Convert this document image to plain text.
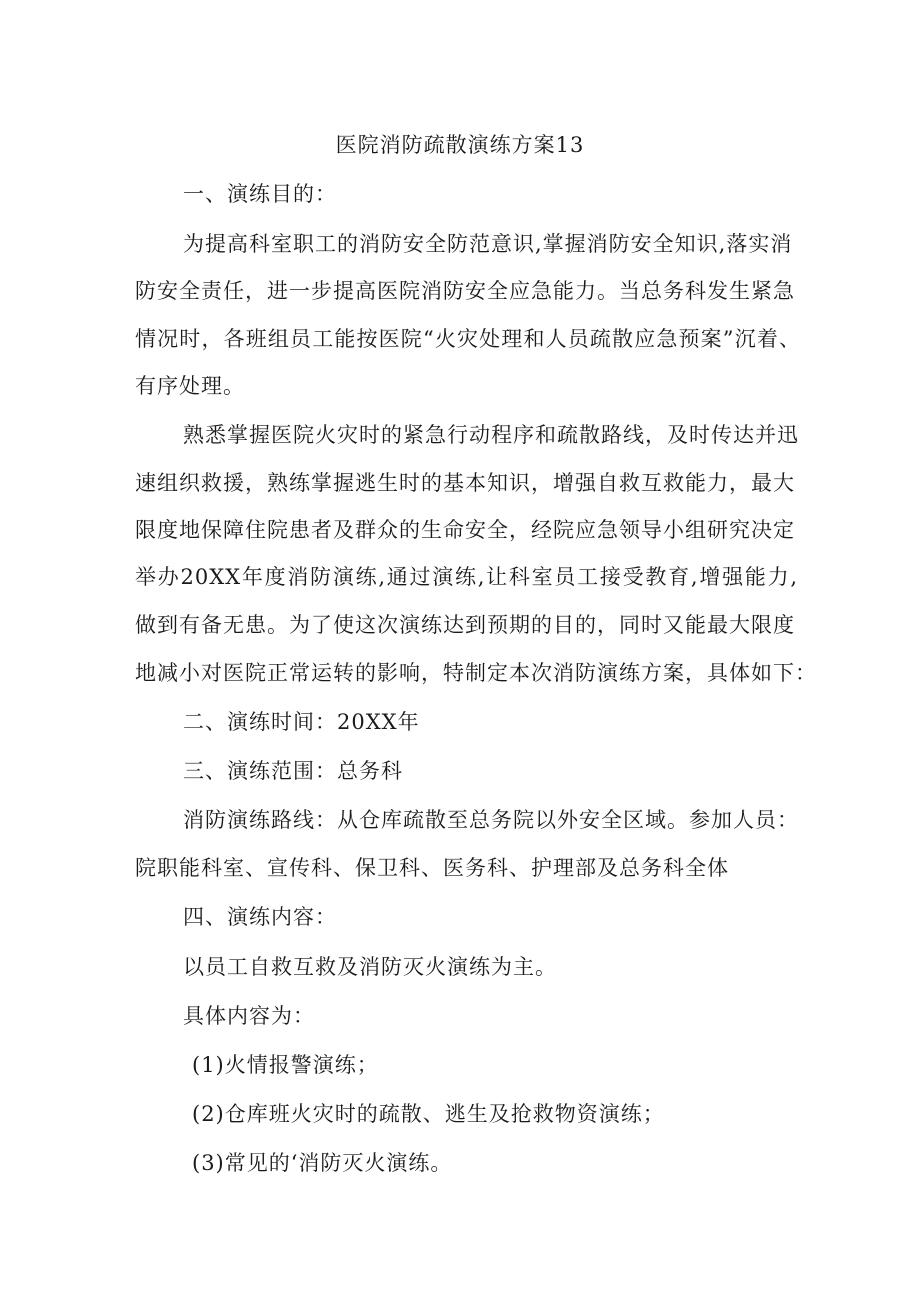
医院消防疏散演练方案13
一、演练目的：
为提高科室职工的消防安全防范意识,掌握消防安全知识,落实消
防安全责任，进一步提高医院消防安全应急能力。当总务科发生紧急
情况时，各班组员工能按医院“火灾处理和人员疏散应急预案”沉着、
有序处理。
熟悉掌握医院火灾时的紧急行动程序和疏散路线，及时传达并迅
速组织救援，熟练掌握逃生时的基本知识，增强自救互救能力，最大
限度地保障住院患者及群众的生命安全，经院应急领导小组研究决定
举办20XX年度消防演练,通过演练,让科室员工接受教育,增强能力,
做到有备无患。为了使这次演练达到预期的目的，同时又能最大限度
地减小对医院正常运转的影响，特制定本次消防演练方案，具体如下：
二、演练时间：20XX年
三、演练范围：总务科
消防演练路线：从仓库疏散至总务院以外安全区域。参加人员：
院职能科室、宣传科、保卫科、医务科、护理部及总务科全体
四、演练内容：
以员工自救互救及消防灭火演练为主。
具体内容为：
(1)火情报警演练；
(2)仓库班火灾时的疏散、逃生及抢救物资演练；
(3)常见的‘消防灭火演练。
